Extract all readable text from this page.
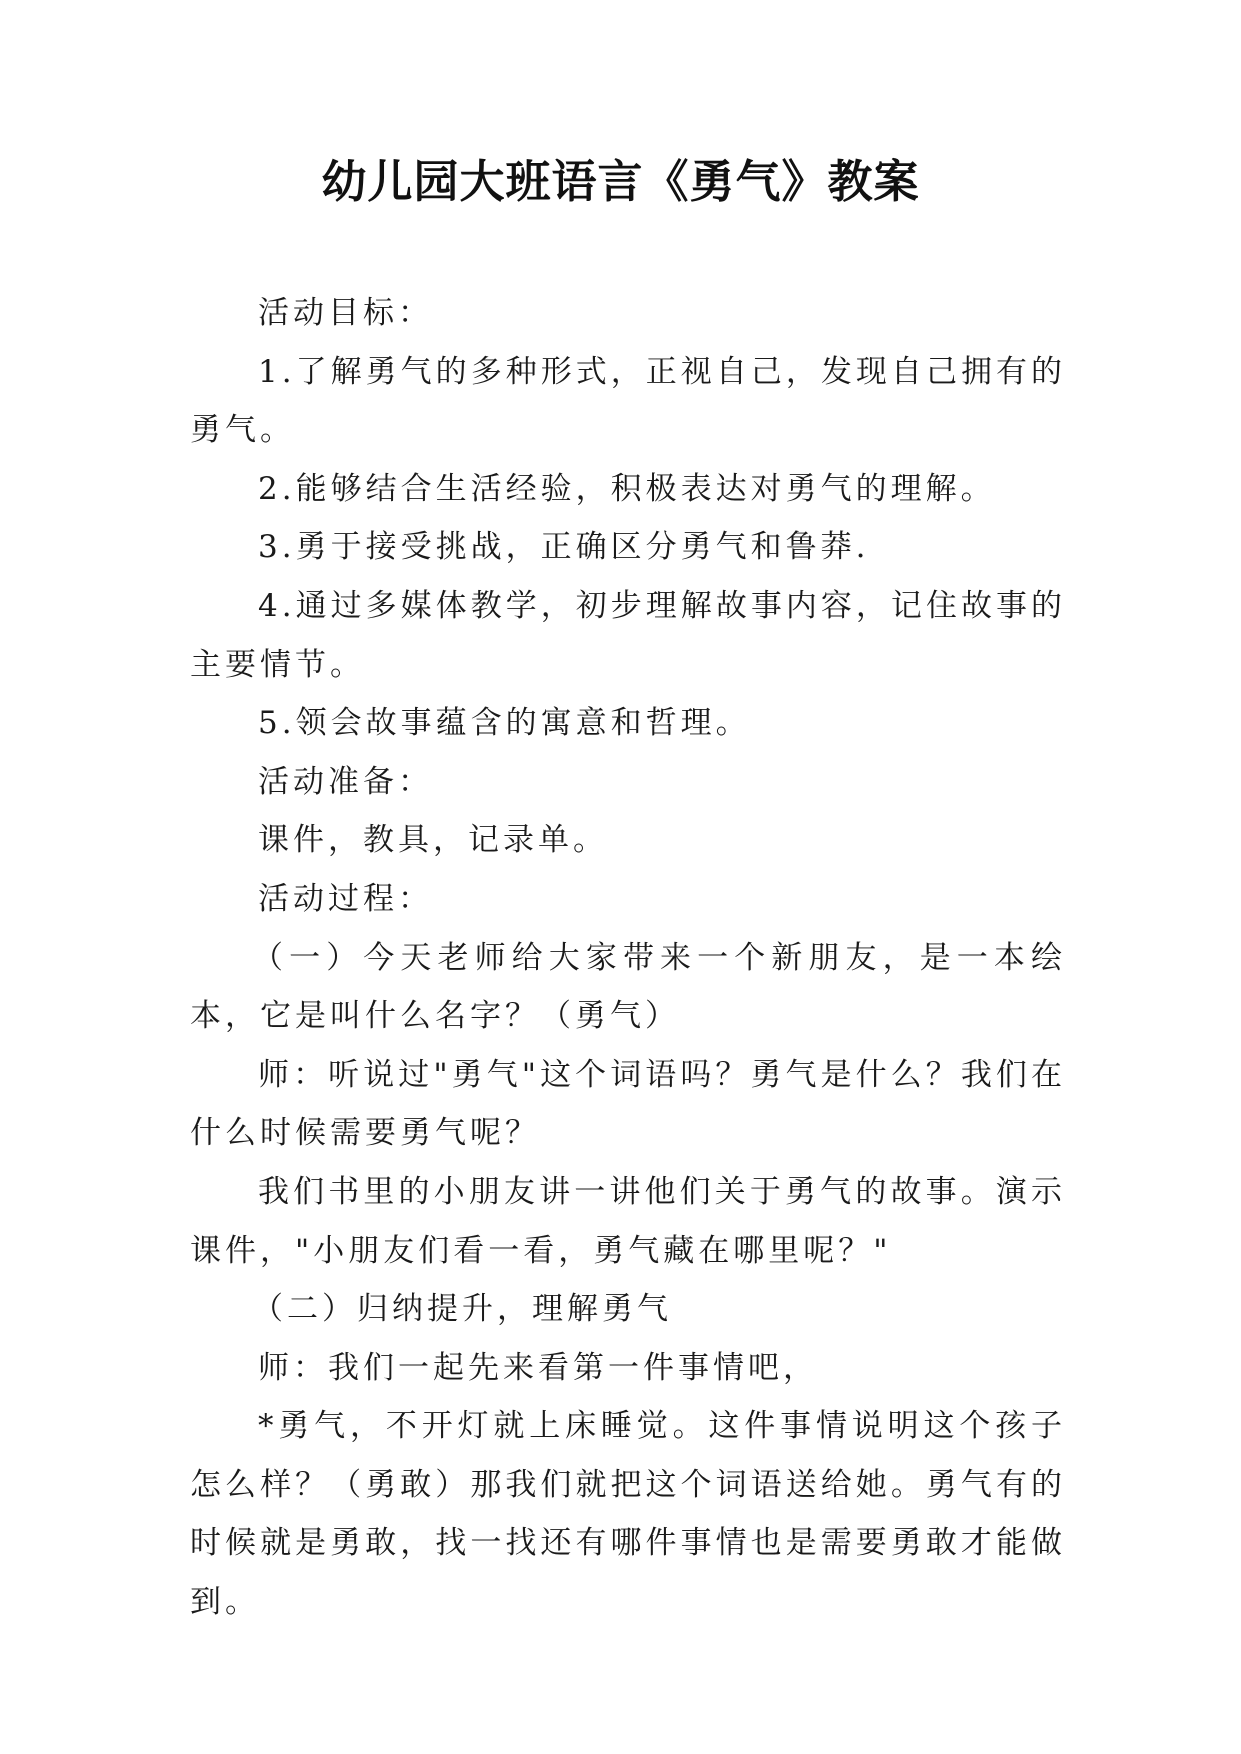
幼儿园大班语言《勇气》教案

活动目标：

1.了解勇气的多种形式，正视自己，发现自己拥有的勇气。

2.能够结合生活经验，积极表达对勇气的理解。

3.勇于接受挑战，正确区分勇气和鲁莽.

4.通过多媒体教学，初步理解故事内容，记住故事的主要情节。

5.领会故事蕴含的寓意和哲理。

活动准备：

课件，教具，记录单。

活动过程：

（一）今天老师给大家带来一个新朋友，是一本绘本，它是叫什么名字？（勇气）

师：听说过"勇气"这个词语吗？勇气是什么？我们在什么时候需要勇气呢？

我们书里的小朋友讲一讲他们关于勇气的故事。演示课件，"小朋友们看一看，勇气藏在哪里呢？"

（二）归纳提升，理解勇气

师：我们一起先来看第一件事情吧，

*勇气，不开灯就上床睡觉。这件事情说明这个孩子怎么样？（勇敢）那我们就把这个词语送给她。勇气有的时候就是勇敢，找一找还有哪件事情也是需要勇敢才能做到。
